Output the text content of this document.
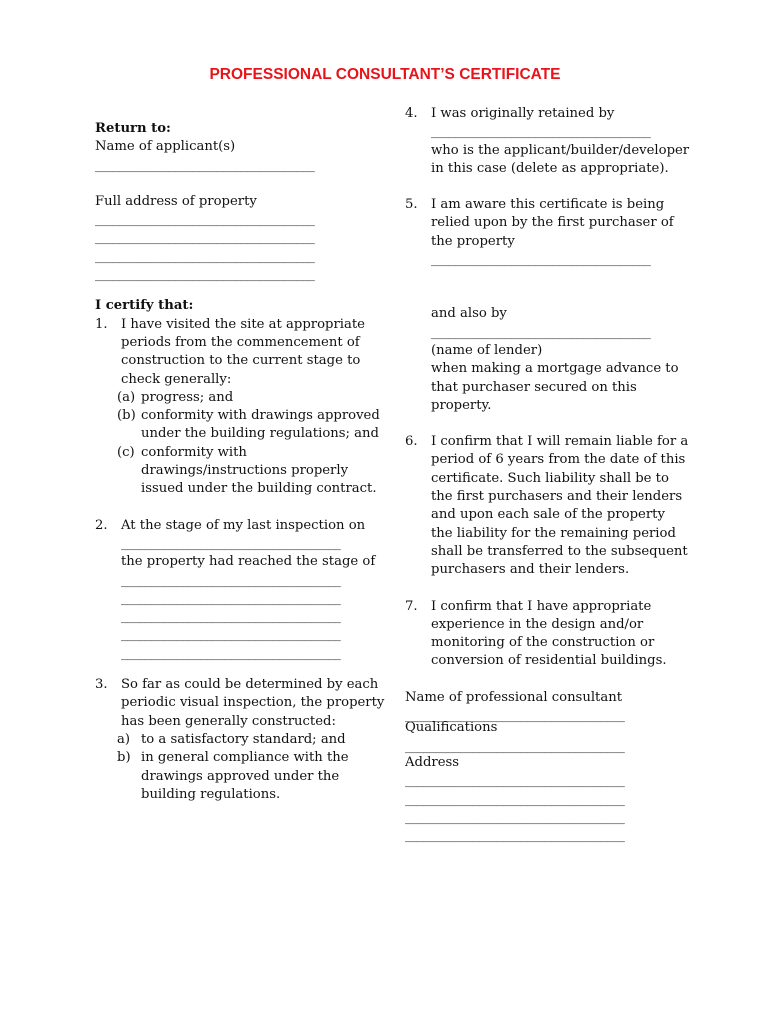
PROFESSIONAL CONSULTANT’S CERTIFICATE

Return to:

Name of applicant(s)

____________________________________

Full address of property

____________________________________

____________________________________

____________________________________

____________________________________

I certify that:

1. I have visited the site at appropriate periods from the commencement of construction to the current stage to check generally:
(a) progress; and
(b) conformity with drawings approved under the building regulations; and
(c) conformity with drawings/instructions properly issued under the building contract.
2. At the stage of my last inspection on
____________________________________
the property had reached the stage of
____________________________________
____________________________________
____________________________________
____________________________________
____________________________________
3. So far as could be determined by each periodic visual inspection, the property has been generally constructed:
a) to a satisfactory standard; and
b) in general compliance with the drawings approved under the building regulations.
4. I was originally retained by
____________________________________
who is the applicant/builder/developer in this case (delete as appropriate).
5. I am aware this certificate is being relied upon by the first purchaser of the property
____________________________________
and also by
____________________________________
(name of lender)
when making a mortgage advance to that purchaser secured on this property.
6. I confirm that I will remain liable for a period of 6 years from the date of this certificate. Such liability shall be to the first purchasers and their lenders and upon each sale of the property the liability for the remaining period shall be transferred to the subsequent purchasers and their lenders.
7. I confirm that I have appropriate experience in the design and/or monitoring of the construction or conversion of residential buildings.

Name of professional consultant

____________________________________

Qualifications

____________________________________

Address

____________________________________

____________________________________

____________________________________

____________________________________
